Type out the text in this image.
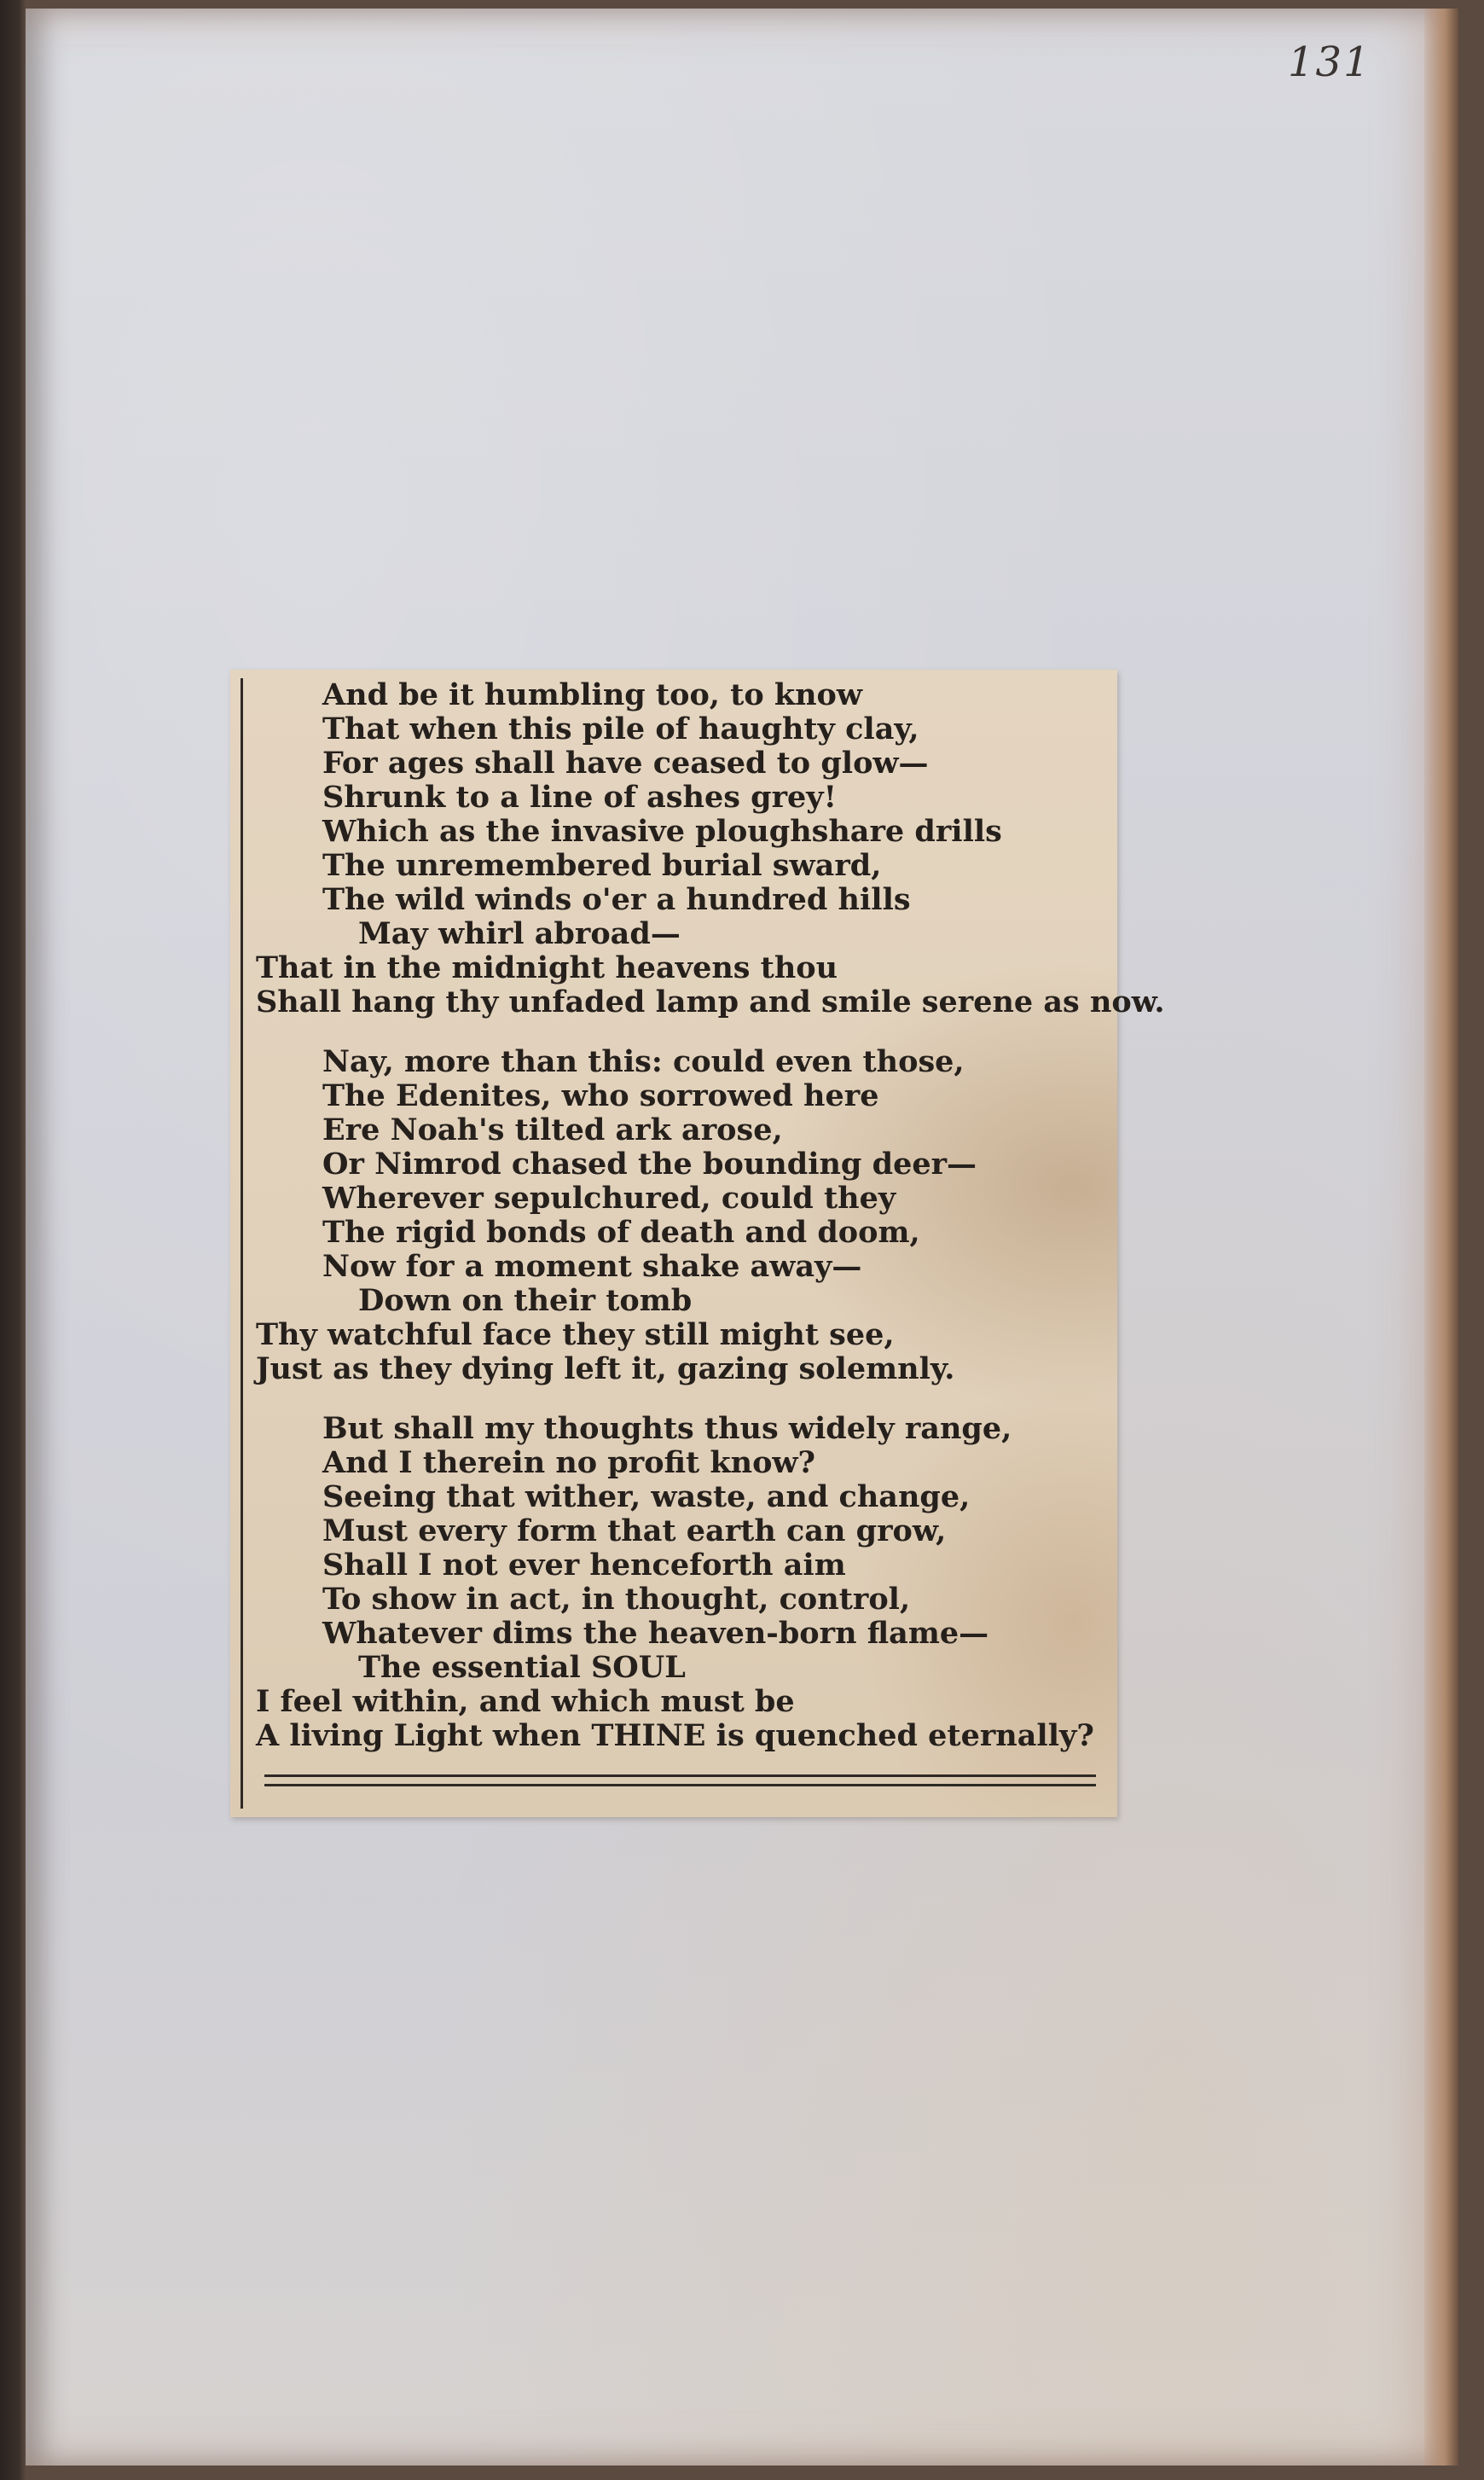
131
And be it humbling too, to know
That when this pile of haughty clay,
For ages shall have ceased to glow—
Shrunk to a line of ashes grey!
Which as the invasive ploughshare drills
The unremembered burial sward,
The wild winds o'er a hundred hills
May whirl abroad—
That in the midnight heavens thou
Shall hang thy unfaded lamp and smile serene as now.
Nay, more than this: could even those,
The Edenites, who sorrowed here
Ere Noah's tilted ark arose,
Or Nimrod chased the bounding deer—
Wherever sepulchured, could they
The rigid bonds of death and doom,
Now for a moment shake away—
Down on their tomb
Thy watchful face they still might see,
Just as they dying left it, gazing solemnly.
But shall my thoughts thus widely range,
And I therein no profit know?
Seeing that wither, waste, and change,
Must every form that earth can grow,
Shall I not ever henceforth aim
To show in act, in thought, control,
Whatever dims the heaven-born flame—
The essential SOUL
I feel within, and which must be
A living Light when THINE is quenched eternally?
